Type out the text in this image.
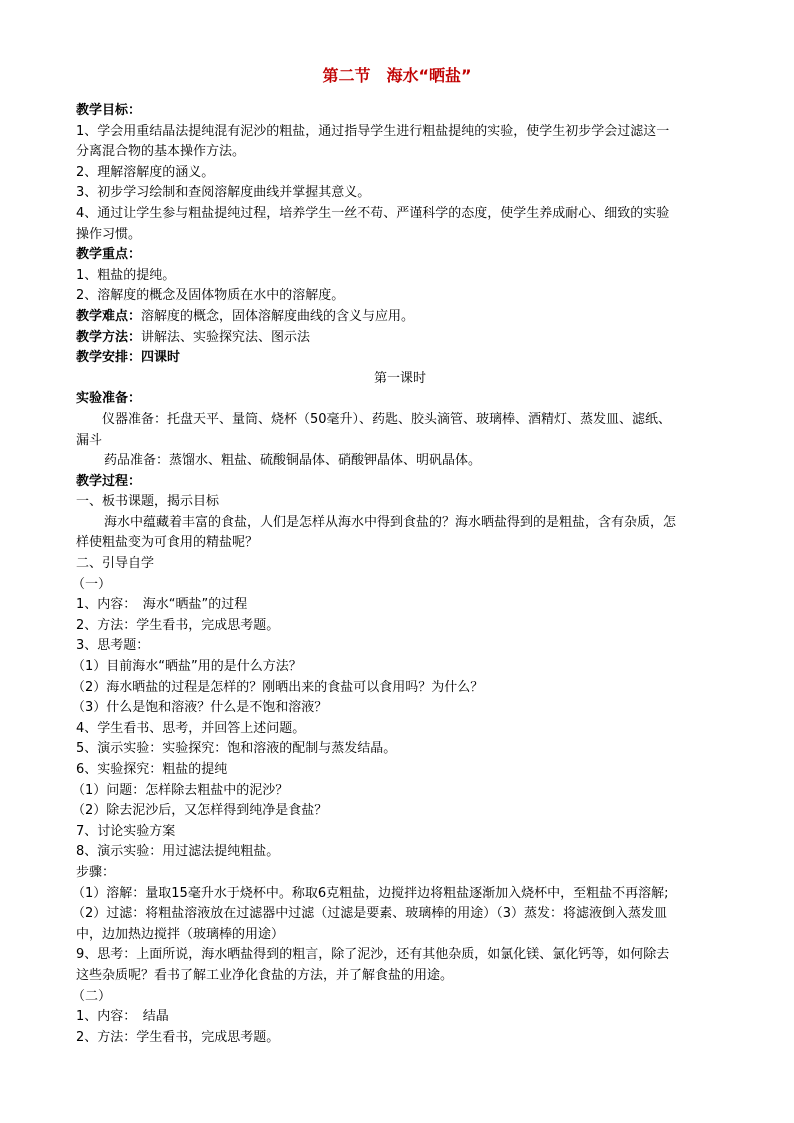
第二节 海水“晒盐”
教学目标：
1、学会用重结晶法提纯混有泥沙的粗盐，通过指导学生进行粗盐提纯的实验，使学生初步学会过滤这一
分离混合物的基本操作方法。
2、理解溶解度的涵义。
3、初步学习绘制和查阅溶解度曲线并掌握其意义。
4、通过让学生参与粗盐提纯过程，培养学生一丝不苟、严谨科学的态度，使学生养成耐心、细致的实验
操作习惯。
教学重点：
1、粗盐的提纯。
2、溶解度的概念及固体物质在水中的溶解度。
教学难点：溶解度的概念，固体溶解度曲线的含义与应用。
教学方法：讲解法、实验探究法、图示法
教学安排：四课时
第一课时
实验准备：
仪器准备：托盘天平、量筒、烧杯（50毫升）、药匙、胶头滴管、玻璃棒、酒精灯、蒸发皿、滤纸、
漏斗
药品准备：蒸馏水、粗盐、硫酸铜晶体、硝酸钾晶体、明矾晶体。
教学过程：
一、板书课题，揭示目标
海水中蕴藏着丰富的食盐，人们是怎样从海水中得到食盐的？海水晒盐得到的是粗盐，含有杂质，怎
样使粗盐变为可食用的精盐呢？
二、引导自学
（一）
1、内容：　海水“晒盐”的过程
2、方法：学生看书，完成思考题。
3、思考题：
（1）目前海水“晒盐”用的是什么方法？
（2）海水晒盐的过程是怎样的？刚晒出来的食盐可以食用吗？为什么？
（3）什么是饱和溶液？什么是不饱和溶液？
4、学生看书、思考，并回答上述问题。
5、演示实验：实验探究：饱和溶液的配制与蒸发结晶。
6、实验探究：粗盐的提纯
（1）问题：怎样除去粗盐中的泥沙？
（2）除去泥沙后，又怎样得到纯净是食盐？
7、讨论实验方案
8、演示实验：用过滤法提纯粗盐。
步骤：
（1）溶解：量取15毫升水于烧杯中。称取6克粗盐，边搅拌边将粗盐逐渐加入烧杯中，至粗盐不再溶解;
（2）过滤：将粗盐溶液放在过滤器中过滤（过滤是要素、玻璃棒的用途）（3）蒸发：将滤液倒入蒸发皿
中，边加热边搅拌（玻璃棒的用途）
9、思考：上面所说，海水晒盐得到的粗言，除了泥沙，还有其他杂质，如氯化镁、氯化钙等，如何除去
这些杂质呢？看书了解工业净化食盐的方法，并了解食盐的用途。
（二）
1、内容：　结晶
2、方法：学生看书，完成思考题。
